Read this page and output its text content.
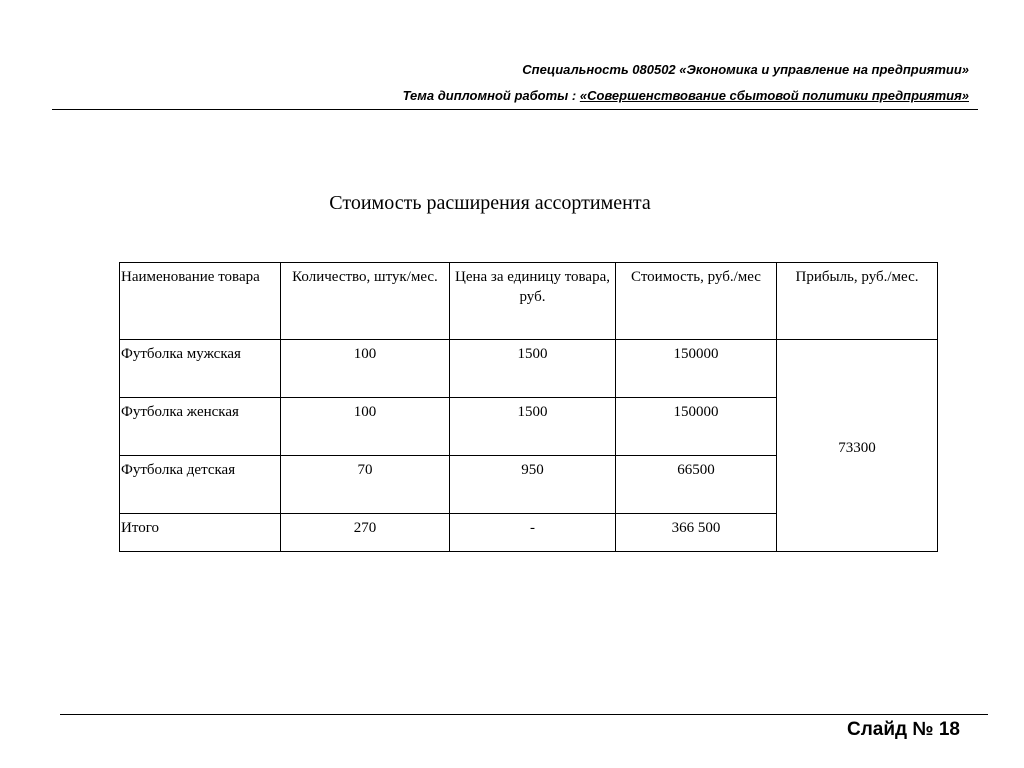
Специальность 080502 «Экономика и управление на предприятии»
Тема дипломной работы : «Совершенствование сбытовой политики предприятия»
Стоимость расширения ассортимента
Наименование товара	Количество, штук/мес.	Цена за единицу товара, руб.	Стоимость, руб./мес	Прибыль, руб./мес.
Футболка мужская	100	1500	150000	73300
Футболка женская	100	1500	150000	
Футболка детская	70	950	66500	
Итого	270	-	366 500	
Слайд № 18
